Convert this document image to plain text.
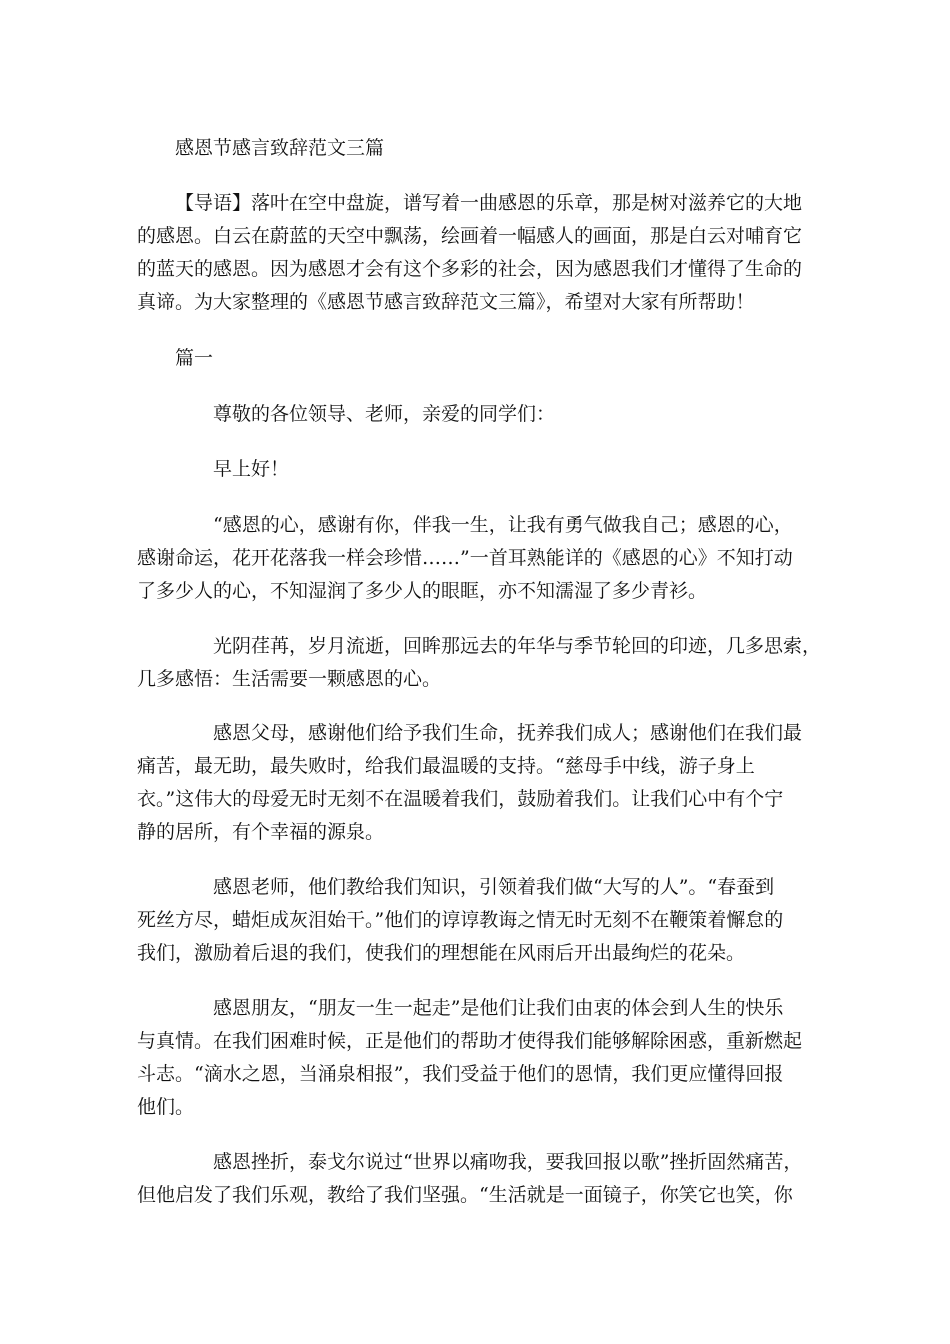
感恩节感言致辞范文三篇
【导语】落叶在空中盘旋，谱写着一曲感恩的乐章，那是树对滋养它的大地
的感恩。白云在蔚蓝的天空中飘荡，绘画着一幅感人的画面，那是白云对哺育它
的蓝天的感恩。因为感恩才会有这个多彩的社会，因为感恩我们才懂得了生命的
真谛。为大家整理的《感恩节感言致辞范文三篇》，希望对大家有所帮助！
篇一
尊敬的各位领导、老师，亲爱的同学们：
早上好！
“感恩的心，感谢有你，伴我一生，让我有勇气做我自己；感恩的心，
感谢命运，花开花落我一样会珍惜……”一首耳熟能详的《感恩的心》不知打动
了多少人的心，不知湿润了多少人的眼眶，亦不知濡湿了多少青衫。
光阴荏苒，岁月流逝，回眸那远去的年华与季节轮回的印迹，几多思索，
几多感悟：生活需要一颗感恩的心。
感恩父母，感谢他们给予我们生命，抚养我们成人；感谢他们在我们最
痛苦，最无助，最失败时，给我们最温暖的支持。“慈母手中线，游子身上
衣。”这伟大的母爱无时无刻不在温暖着我们，鼓励着我们。让我们心中有个宁
静的居所，有个幸福的源泉。
感恩老师，他们教给我们知识，引领着我们做“大写的人”。“春蚕到
死丝方尽，蜡炬成灰泪始干。”他们的谆谆教诲之情无时无刻不在鞭策着懈怠的
我们，激励着后退的我们，使我们的理想能在风雨后开出最绚烂的花朵。
感恩朋友，“朋友一生一起走”是他们让我们由衷的体会到人生的快乐
与真情。在我们困难时候，正是他们的帮助才使得我们能够解除困惑，重新燃起
斗志。“滴水之恩，当涌泉相报”，我们受益于他们的恩情，我们更应懂得回报
他们。
感恩挫折，泰戈尔说过“世界以痛吻我，要我回报以歌”挫折固然痛苦，
但他启发了我们乐观，教给了我们坚强。“生活就是一面镜子，你笑它也笑，你
